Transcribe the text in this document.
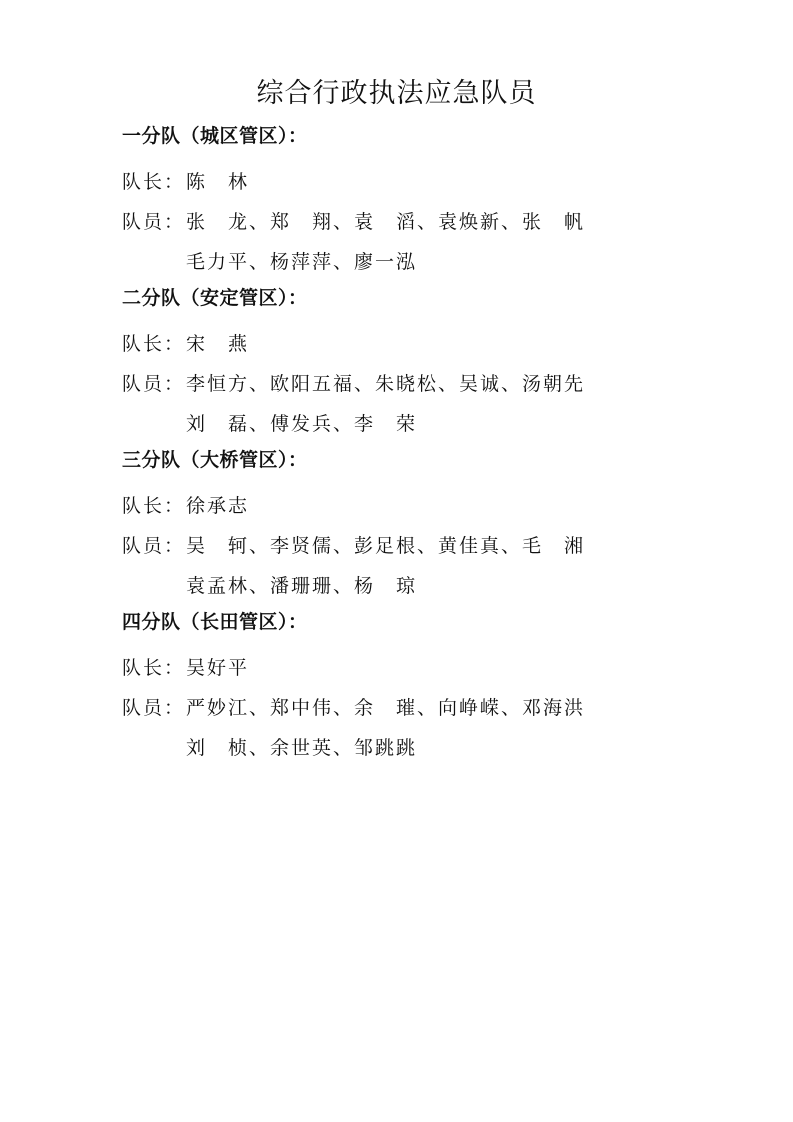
综合行政执法应急队员
一分队（城区管区）：
队长：陈　林
队员：张　龙、郑　翔、袁　滔、袁焕新、张　帆
毛力平、杨萍萍、廖一泓
二分队（安定管区）：
队长：宋　燕
队员：李恒方、欧阳五福、朱晓松、吴诚、汤朝先
刘　磊、傅发兵、李　荣
三分队（大桥管区）：
队长：徐承志
队员：吴　轲、李贤儒、彭足根、黄佳真、毛　湘
袁孟林、潘珊珊、杨　琼
四分队（长田管区）：
队长：吴好平
队员：严妙江、郑中伟、余　璀、向峥嵘、邓海洪
刘　桢、余世英、邹跳跳
